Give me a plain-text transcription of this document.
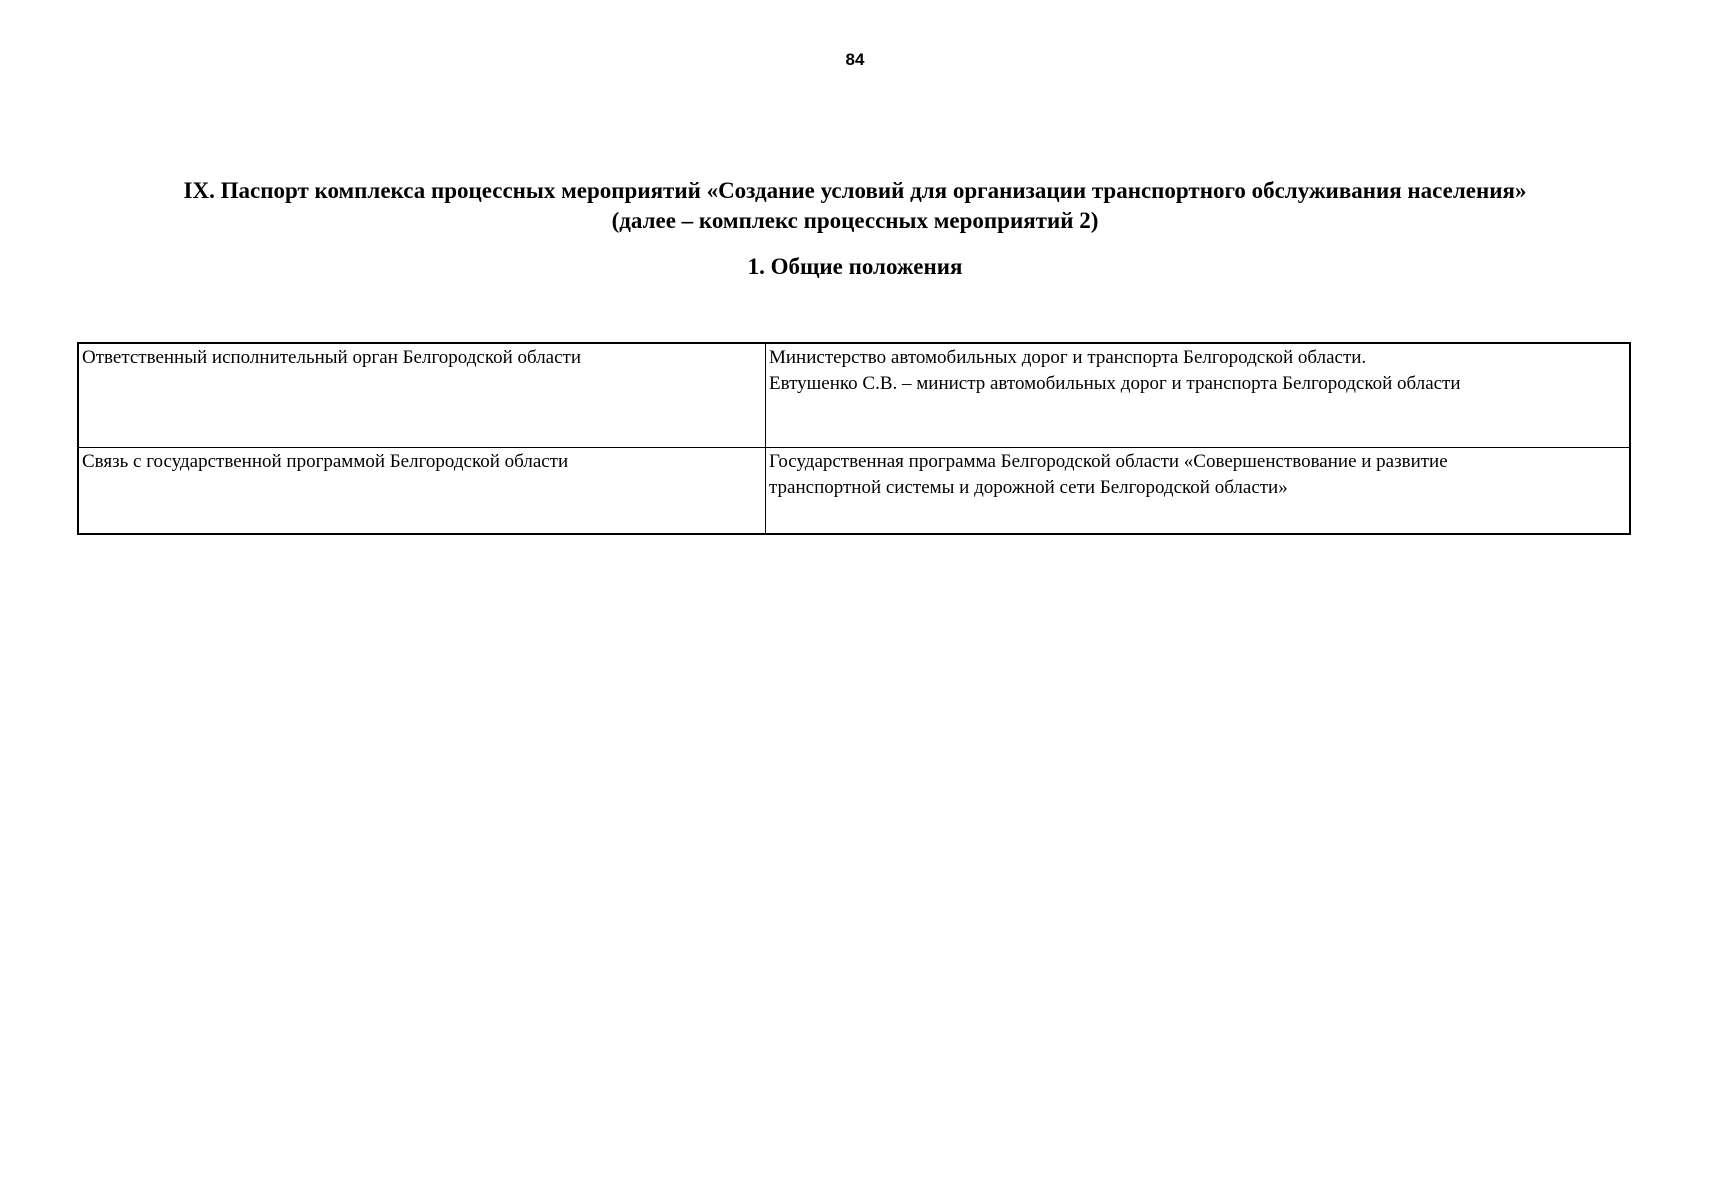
84
IX. Паспорт комплекса процессных мероприятий «Создание условий для организации транспортного обслуживания населения»
(далее – комплекс процессных мероприятий 2)
1. Общие положения
Ответственный исполнительный орган Белгородской области	Министерство автомобильных дорог и транспорта Белгородской области.
Евтушенко С.В. – министр автомобильных дорог и транспорта Белгородской области

Связь с государственной программой Белгородской области	Государственная программа Белгородской области «Совершенствование и развитие
транспортной системы и дорожной сети Белгородской области»
